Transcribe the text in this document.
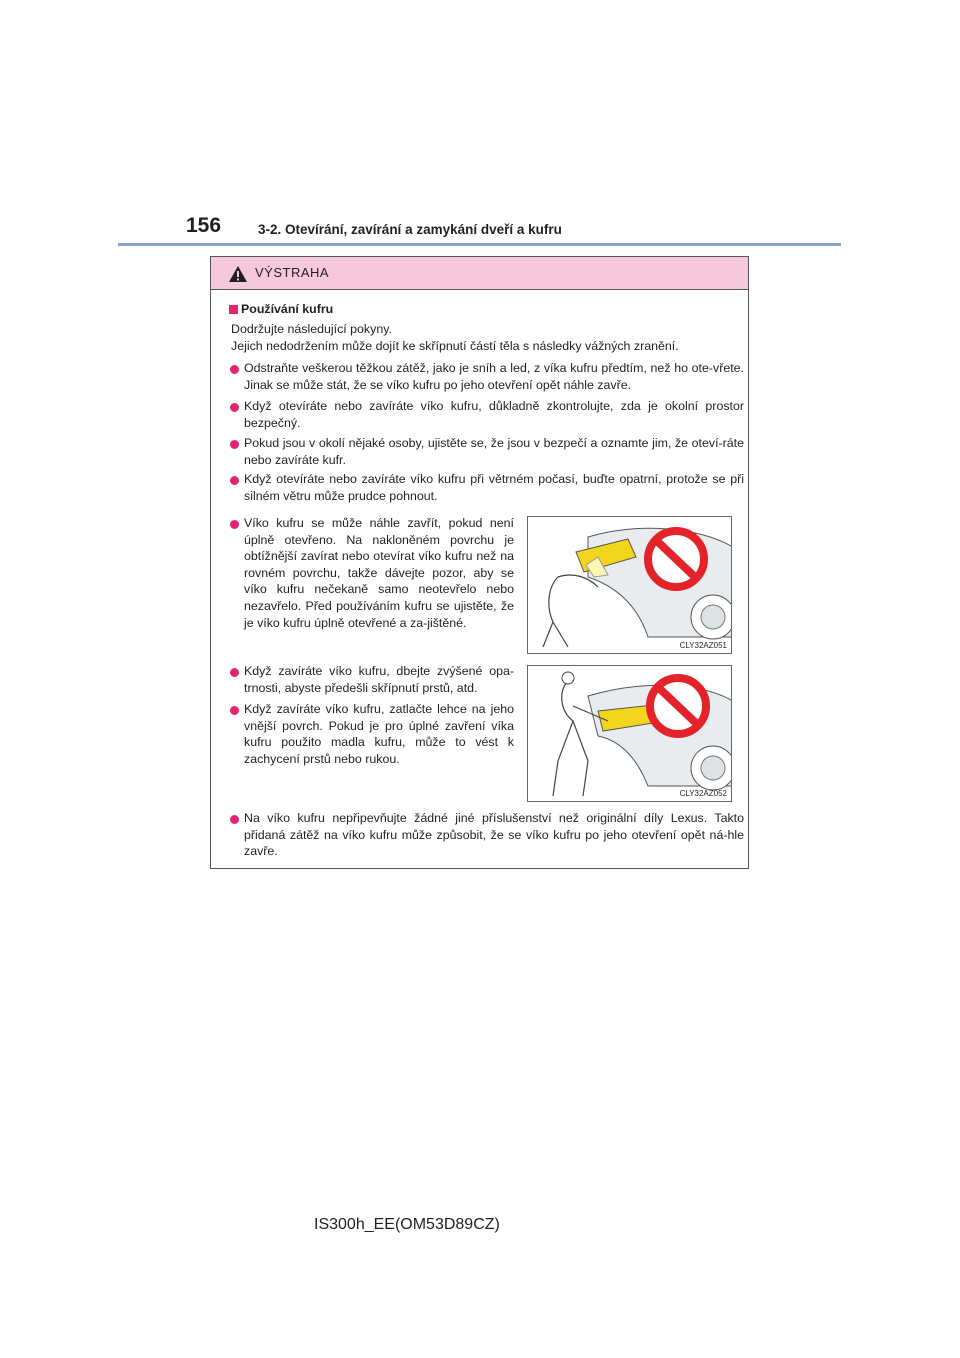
156	3-2. Otevírání, zavírání a zamykání dveří a kufru
VÝSTRAHA
Používání kufru
Dodržujte následující pokyny.
Jejich nedodržením může dojít ke skřípnutí částí těla s následky vážných zranění.
Odstraňte veškerou těžkou zátěž, jako je sníh a led, z víka kufru předtím, než ho ote-vřete. Jinak se může stát, že se víko kufru po jeho otevření opět náhle zavře.
Když otevíráte nebo zavíráte víko kufru, důkladně zkontrolujte, zda je okolní prostor bezpečný.
Pokud jsou v okolí nějaké osoby, ujistěte se, že jsou v bezpečí a oznamte jim, že oteví-ráte nebo zavíráte kufr.
Když otevíráte nebo zavíráte víko kufru při větrném počasí, buďte opatrní, protože se při silném větru může prudce pohnout.
Víko kufru se může náhle zavřít, pokud není úplně otevřeno. Na nakloněném povrchu je obtížnější zavírat nebo otevírat víko kufru než na rovném povrchu, takže dávejte pozor, aby se víko kufru nečekaně samo neotevřelo nebo nezavřelo. Před používáním kufru se ujistěte, že je víko kufru úplně otevřené a za-jištěné.
CLY32AZ051
Když zavíráte víko kufru, dbejte zvýšené opa-trnosti, abyste předešli skřípnutí prstů, atd.
Když zavíráte víko kufru, zatlačte lehce na jeho vnější povrch. Pokud je pro úplné zavření víka kufru použito madla kufru, může to vést k zachycení prstů nebo rukou.
CLY32AZ052
Na víko kufru nepřipevňujte žádné jiné příslušenství než originální díly Lexus. Takto přidaná zátěž na víko kufru může způsobit, že se víko kufru po jeho otevření opět ná-hle zavře.
IS300h_EE(OM53D89CZ)
